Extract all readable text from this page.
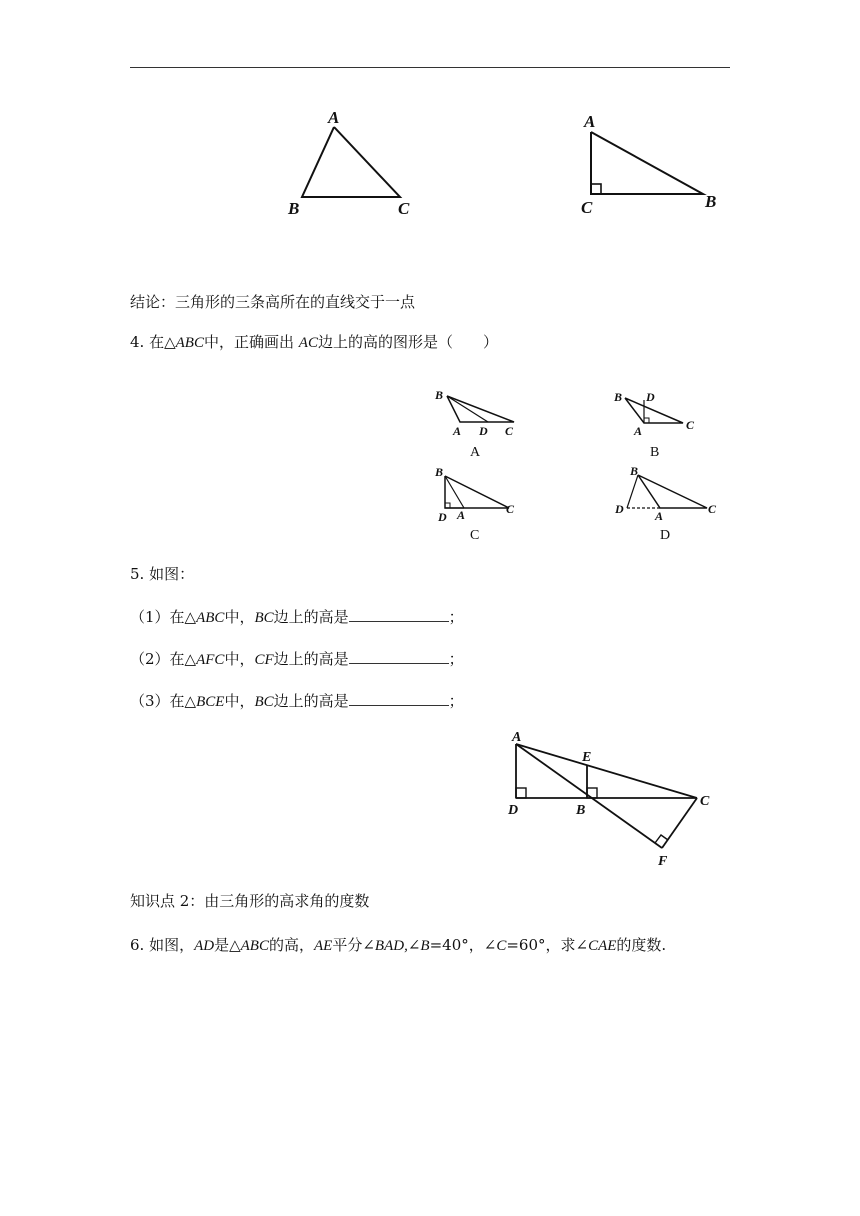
A
B	C
A
C	B
结论：三角形的三条高所在的直线交于一点
4. 在△ABC中，正确画出 AC边上的高的图形是（　　）
B
A D C
A
B D
A	C
B
B
D A	C
C
B
D	A	C
D
5. 如图：
（1）在△ABC中，BC边上的高是	；
（2）在△AFC中，CF边上的高是	；
（3）在△BCE中，BC边上的高是	；
A
E
D	B
C
F
知识点 2：由三角形的高求角的度数
6. 如图，AD是△ABC的高，AE平分∠BAD,∠B=40°，∠C=60°，求∠CAE的度数.
